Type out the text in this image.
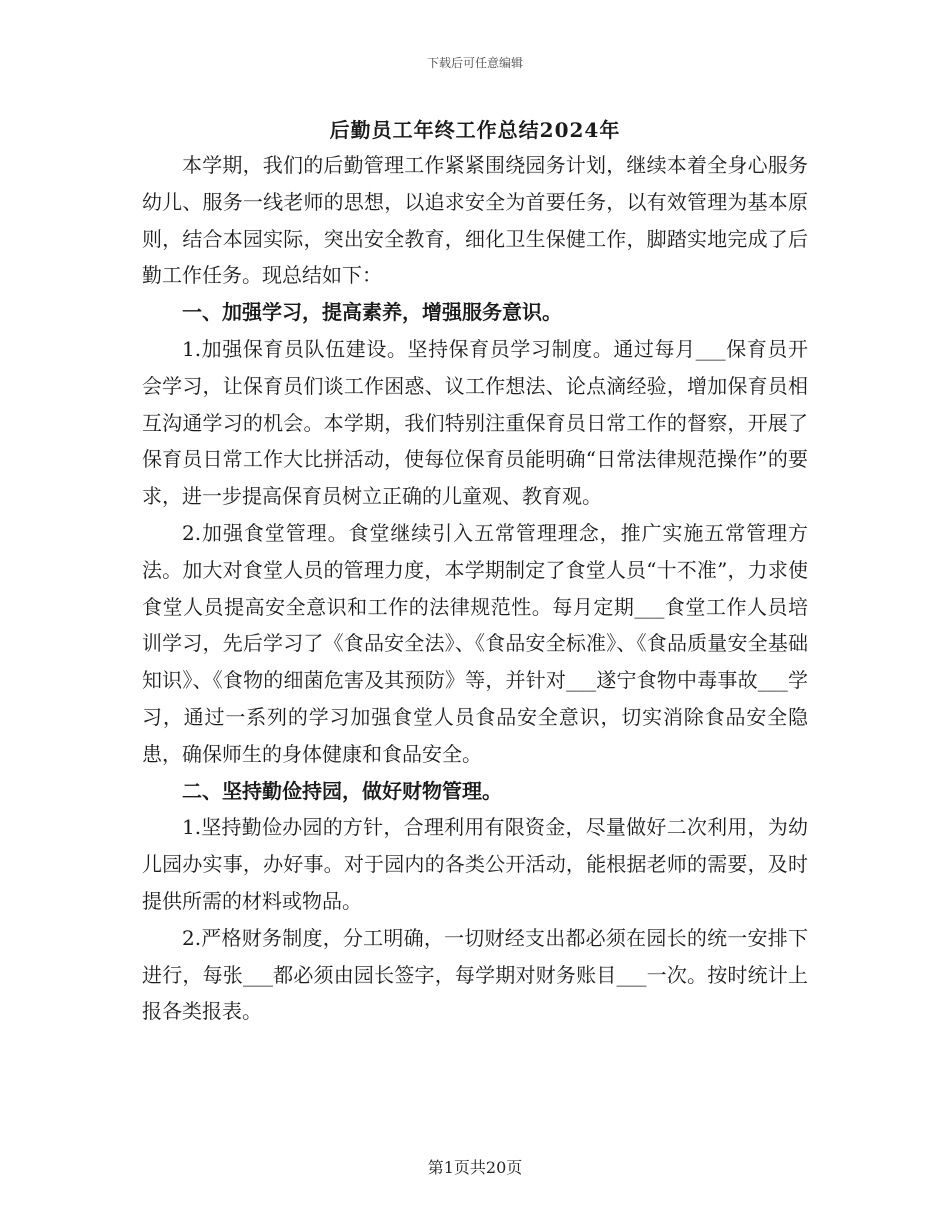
下载后可任意编辑
后勤员工年终工作总结2024年

本学期，我们的后勤管理工作紧紧围绕园务计划，继续本着全身心服务幼儿、服务一线老师的思想，以追求安全为首要任务，以有效管理为基本原则，结合本园实际，突出安全教育，细化卫生保健工作，脚踏实地完成了后勤工作任务。现总结如下：

一、加强学习，提高素养，增强服务意识。

1.加强保育员队伍建设。坚持保育员学习制度。通过每月___保育员开会学习，让保育员们谈工作困惑、议工作想法、论点滴经验，增加保育员相互沟通学习的机会。本学期，我们特别注重保育员日常工作的督察，开展了保育员日常工作大比拼活动，使每位保育员能明确“日常法律规范操作”的要求，进一步提高保育员树立正确的儿童观、教育观。

2.加强食堂管理。食堂继续引入五常管理理念，推广实施五常管理方法。加大对食堂人员的管理力度，本学期制定了食堂人员“十不准”，力求使食堂人员提高安全意识和工作的法律规范性。每月定期___食堂工作人员培训学习，先后学习了《食品安全法》、《食品安全标准》、《食品质量安全基础知识》、《食物的细菌危害及其预防》等，并针对___遂宁食物中毒事故___学习，通过一系列的学习加强食堂人员食品安全意识，切实消除食品安全隐患，确保师生的身体健康和食品安全。

二、坚持勤俭持园，做好财物管理。

1.坚持勤俭办园的方针，合理利用有限资金，尽量做好二次利用，为幼儿园办实事，办好事。对于园内的各类公开活动，能根据老师的需要，及时提供所需的材料或物品。

2.严格财务制度，分工明确，一切财经支出都必须在园长的统一安排下进行，每张___都必须由园长签字，每学期对财务账目___一次。按时统计上报各类报表。

第1页共20页
